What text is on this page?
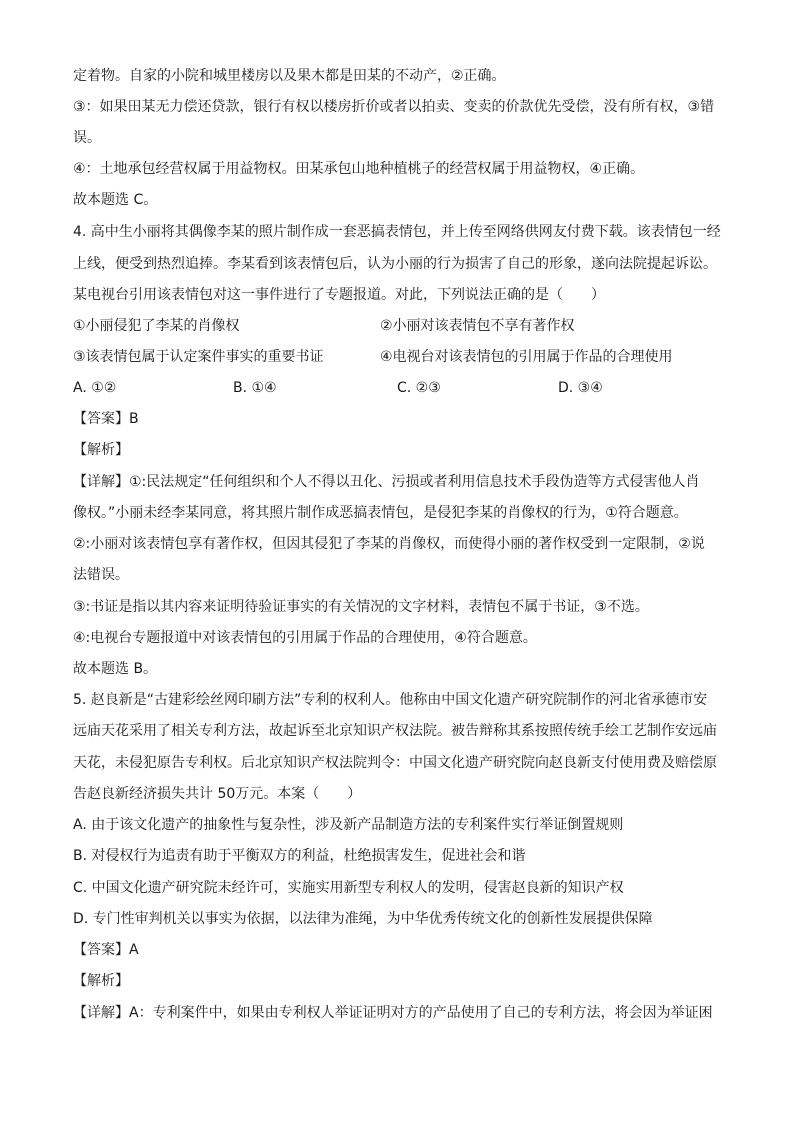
定着物。自家的小院和城里楼房以及果木都是田某的不动产，②正确。
③：如果田某无力偿还贷款，银行有权以楼房折价或者以拍卖、变卖的价款优先受偿，没有所有权，③错
误。
④：土地承包经营权属于用益物权。田某承包山地种植桃子的经营权属于用益物权，④正确。
故本题选 C。
4. 高中生小丽将其偶像李某的照片制作成一套恶搞表情包，并上传至网络供网友付费下载。该表情包一经
上线，便受到热烈追捧。李某看到该表情包后，认为小丽的行为损害了自己的形象，遂向法院提起诉讼。
某电视台引用该表情包对这一事件进行了专题报道。对此，下列说法正确的是（　　）
①小丽侵犯了李某的肖像权	②小丽对该表情包不享有著作权
③该表情包属于认定案件事实的重要书证	④电视台对该表情包的引用属于作品的合理使用
A. ①②	B. ①④	C. ②③	D. ③④
【答案】B
【解析】
【详解】①:民法规定“任何组织和个人不得以丑化、污损或者利用信息技术手段伪造等方式侵害他人肖
像权。”小丽未经李某同意，将其照片制作成恶搞表情包，是侵犯李某的肖像权的行为，①符合题意。
②:小丽对该表情包享有著作权，但因其侵犯了李某的肖像权，而使得小丽的著作权受到一定限制，②说
法错误。
③:书证是指以其内容来证明待验证事实的有关情况的文字材料，表情包不属于书证，③不选。
④:电视台专题报道中对该表情包的引用属于作品的合理使用，④符合题意。
故本题选 B。
5. 赵良新是“古建彩绘丝网印刷方法”专利的权利人。他称由中国文化遗产研究院制作的河北省承德市安
远庙天花采用了相关专利方法，故起诉至北京知识产权法院。被告辩称其系按照传统手绘工艺制作安远庙
天花，未侵犯原告专利权。后北京知识产权法院判令：中国文化遗产研究院向赵良新支付使用费及赔偿原
告赵良新经济损失共计 50万元。本案（　　）
A. 由于该文化遗产的抽象性与复杂性，涉及新产品制造方法的专利案件实行举证倒置规则
B. 对侵权行为追责有助于平衡双方的利益，杜绝损害发生，促进社会和谐
C. 中国文化遗产研究院未经许可，实施实用新型专利权人的发明，侵害赵良新的知识产权
D. 专门性审判机关以事实为依据，以法律为准绳，为中华优秀传统文化的创新性发展提供保障
【答案】A
【解析】
【详解】A：专利案件中，如果由专利权人举证证明对方的产品使用了自己的专利方法，将会因为举证困
